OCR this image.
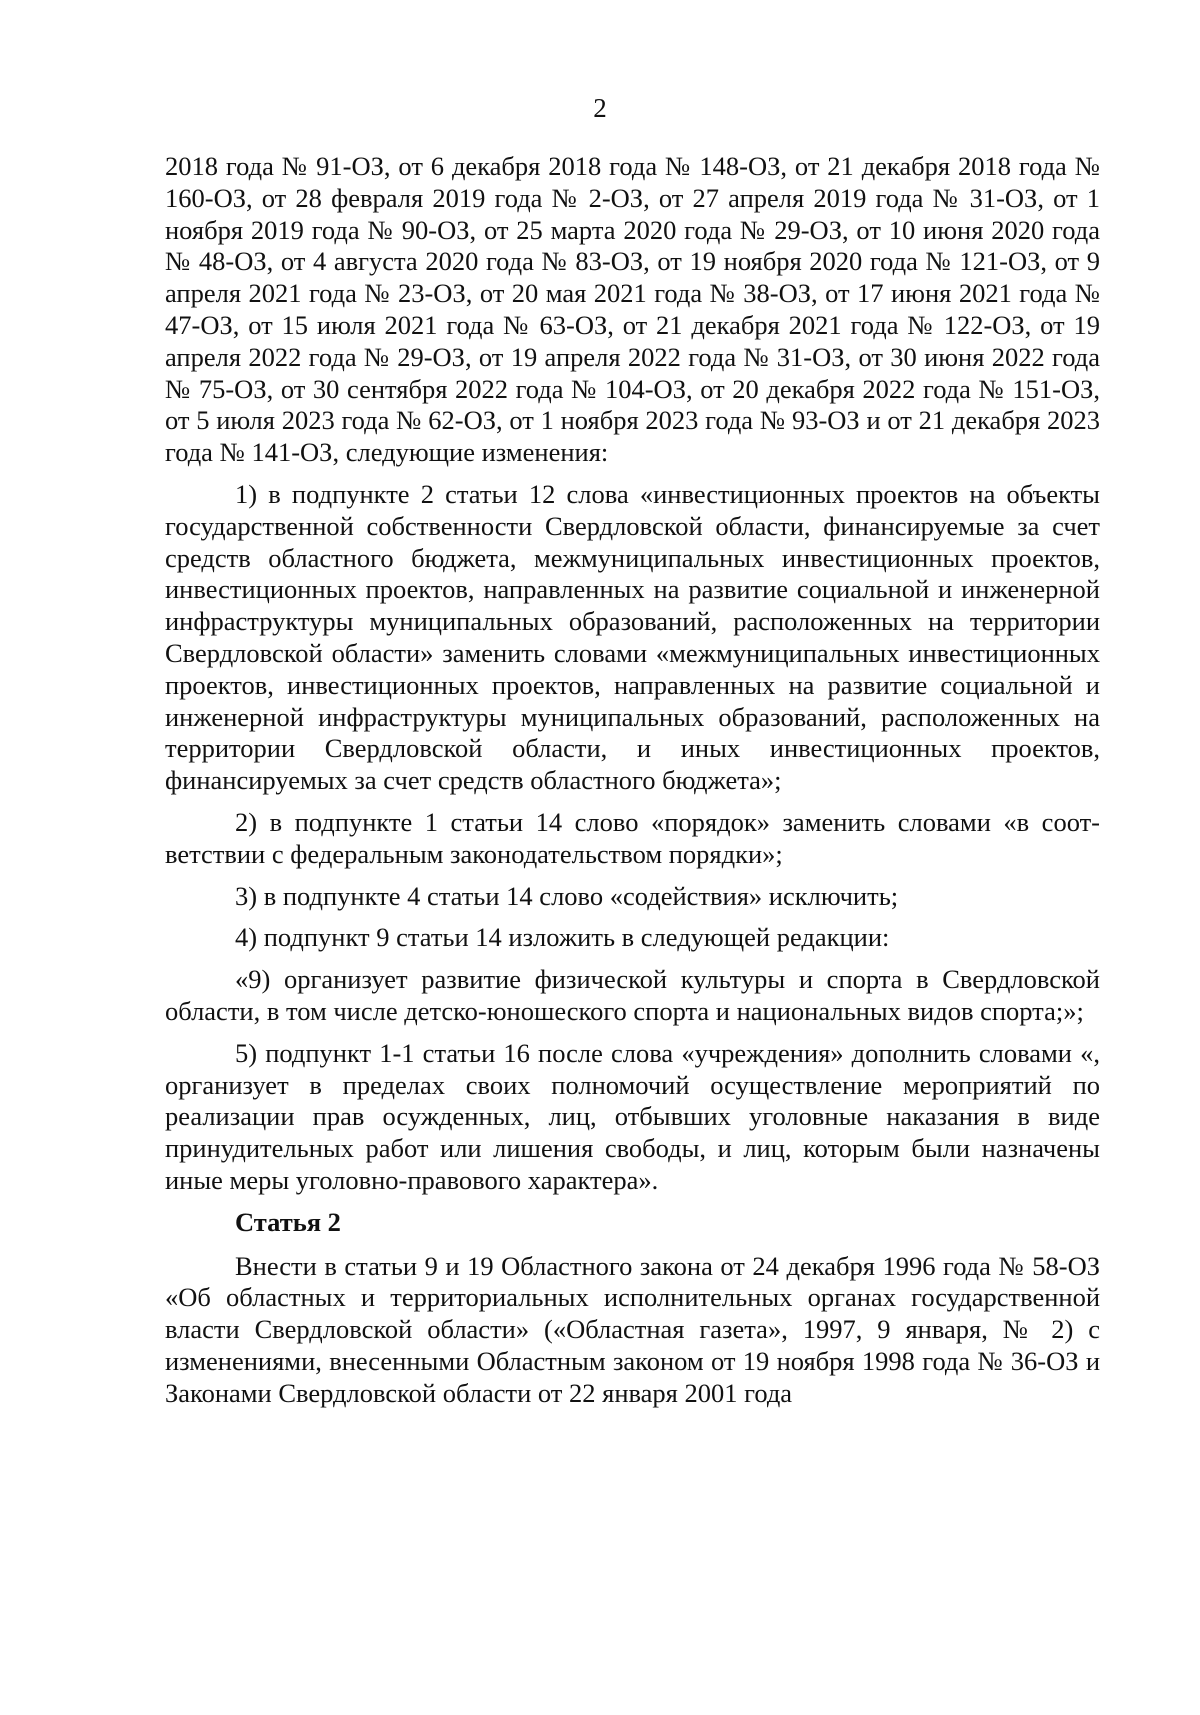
2

2018 года № 91-ОЗ, от 6 декабря 2018 года № 148-ОЗ, от 21 декабря 2018 года № 160-ОЗ, от 28 февраля 2019 года № 2-ОЗ, от 27 апреля 2019 года № 31-ОЗ, от 1 ноября 2019 года № 90-ОЗ, от 25 марта 2020 года № 29-ОЗ, от 10 июня 2020 года № 48-ОЗ, от 4 августа 2020 года № 83-ОЗ, от 19 ноября 2020 года № 121-ОЗ, от 9 апреля 2021 года № 23-ОЗ, от 20 мая 2021 года № 38-ОЗ, от 17 июня 2021 года № 47-ОЗ, от 15 июля 2021 года № 63-ОЗ, от 21 декабря 2021 года № 122-ОЗ, от 19 апреля 2022 года № 29-ОЗ, от 19 апреля 2022 года № 31-ОЗ, от 30 июня 2022 года № 75-ОЗ, от 30 сентября 2022 года № 104-ОЗ, от 20 декабря 2022 года № 151-ОЗ, от 5 июля 2023 года № 62-ОЗ, от 1 ноября 2023 года № 93-ОЗ и от 21 декабря 2023 года № 141-ОЗ, следующие изменения:

1) в подпункте 2 статьи 12 слова «инвестиционных проектов на объекты государственной собственности Свердловской области, финансируемые за счет средств областного бюджета, межмуниципальных инвестиционных проектов, инвестиционных проектов, направленных на развитие социальной и инженерной инфраструктуры муниципальных образований, расположенных на территории Свердловской области» заменить словами «межмуниципальных инвестиционных проектов, инвестиционных проектов, направленных на развитие социальной и инженерной инфраструктуры муниципальных образований, расположенных на территории Свердловской области, и иных инвестиционных проектов, финансируемых за счет средств областного бюджета»;

2) в подпункте 1 статьи 14 слово «порядок» заменить словами «в соответствии с федеральным законодательством порядки»;

3) в подпункте 4 статьи 14 слово «содействия» исключить;

4) подпункт 9 статьи 14 изложить в следующей редакции:

«9) организует развитие физической культуры и спорта в Свердловской области, в том числе детско-юношеского спорта и национальных видов спорта;»;

5) подпункт 1-1 статьи 16 после слова «учреждения» дополнить словами «, организует в пределах своих полномочий осуществление мероприятий по реализации прав осужденных, лиц, отбывших уголовные наказания в виде принудительных работ или лишения свободы, и лиц, которым были назначены иные меры уголовно-правового характера».

Статья 2

Внести в статьи 9 и 19 Областного закона от 24 декабря 1996 года № 58-ОЗ «Об областных и территориальных исполнительных органах государственной власти Свердловской области» («Областная газета», 1997, 9 января, № 2) с изменениями, внесенными Областным законом от 19 ноября 1998 года № 36-ОЗ и Законами Свердловской области от 22 января 2001 года
